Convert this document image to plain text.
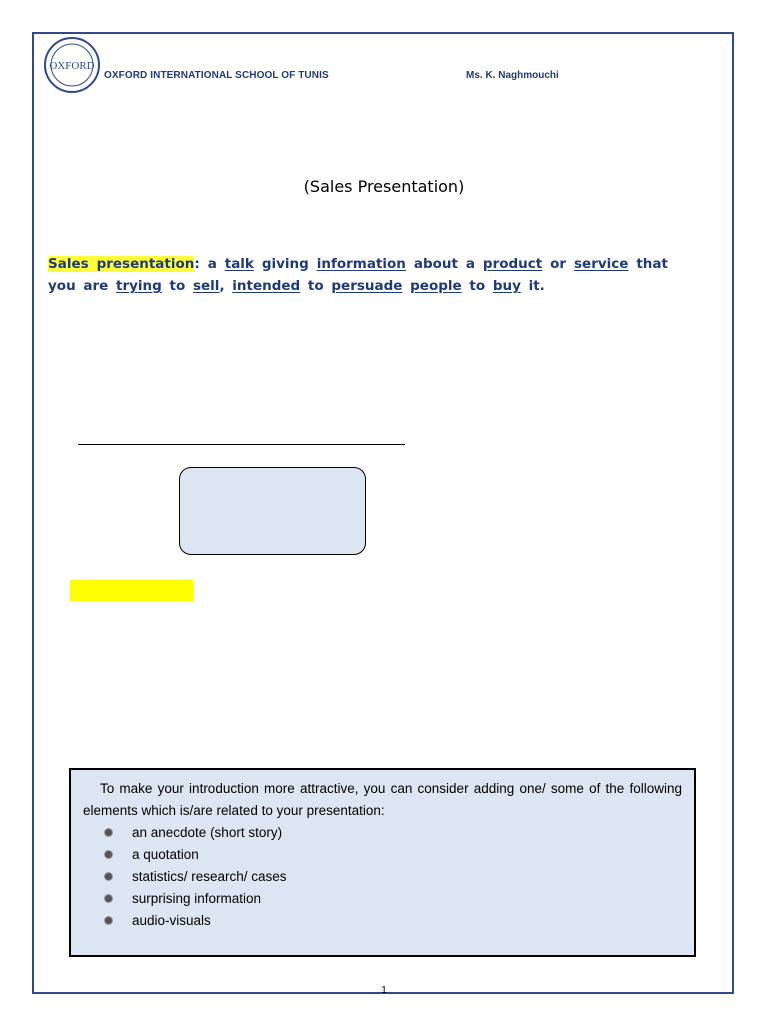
OXFORD
OXFORD INTERNATIONAL SCHOOL OF TUNIS	Ms. K. Naghmouchi
(Sales Presentation)
Sales presentation: a talk giving information about a product or service that you are trying to sell, intended to persuade people to buy it.

To make your introduction more attractive, you can consider adding one/ some of the following elements which is/are related to your presentation:

an anecdote (short story)
a quotation
statistics/ research/ cases
surprising information
audio-visuals
1
